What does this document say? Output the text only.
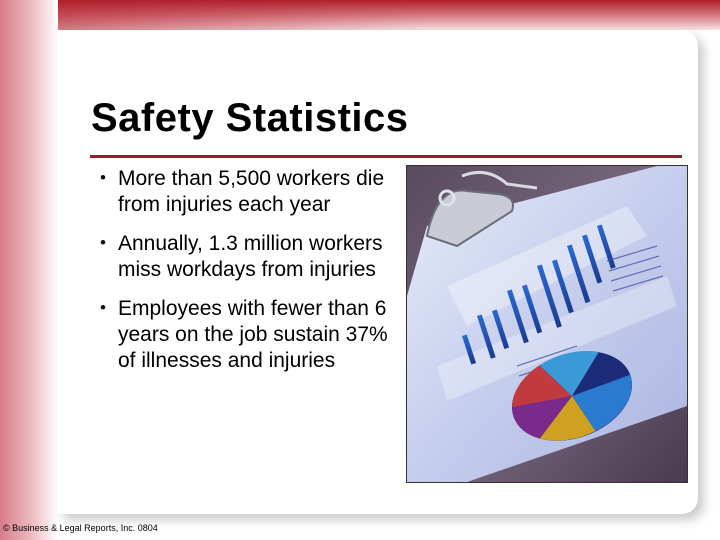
Safety Statistics
• More than 5,500 workers die from injuries each year
• Annually, 1.3 million workers miss workdays from injuries
• Employees with fewer than 6 years on the job sustain 37% of illnesses and injuries
© Business & Legal Reports, Inc. 0804
